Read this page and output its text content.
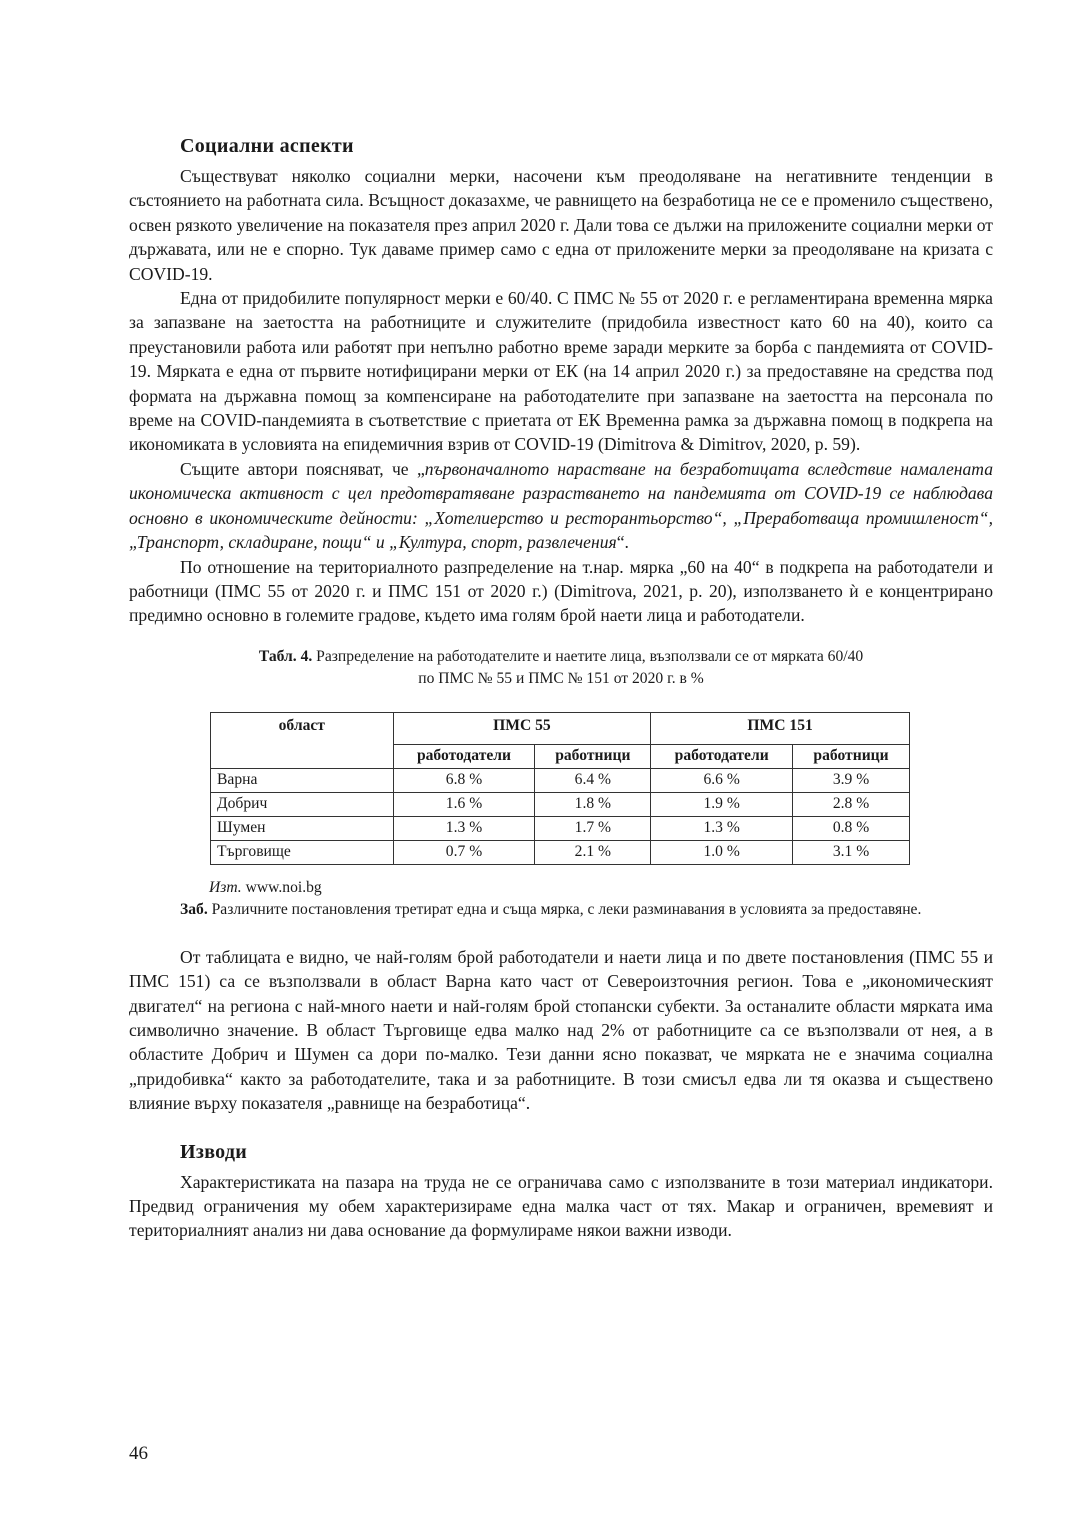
Социални аспекти

Съществуват няколко социални мерки, насочени към преодоляване на негативните тенденции в състоянието на работната сила. Всъщност доказахме, че равнището на безработица не се е променило съществено, освен рязкото увеличение на показателя през април 2020 г. Дали това се дължи на приложените социални мерки от държавата, или не е спорно. Тук даваме пример само с една от приложените мерки за преодоляване на кризата с COVID-19.

Една от придобилите популярност мерки е 60/40. С ПМС № 55 от 2020 г. е регламентирана временна мярка за запазване на заетостта на работниците и служителите (придобила известност като 60 на 40), които са преустановили работа или работят при непълно работно време заради мерките за борба с пандемията от COVID-19. Мярката е една от първите нотифицирани мерки от ЕК (на 14 април 2020 г.) за предоставяне на средства под формата на държавна помощ за компенсиране на работодателите при запазване на заетостта на персонала по време на COVID-пандемията в съответствие с приетата от ЕК Временна рамка за държавна помощ в подкрепа на икономиката в условията на епидемичния взрив от COVID-19 (Dimitrova & Dimitrov, 2020, p. 59).

Същите автори поясняват, че „първоначалното нарастване на безработицата вследствие намалената икономическа активност с цел предотвратяване разрастването на пандемията от COVID-19 се наблюдава основно в икономическите дейности: „Хотелиерство и ресторантьорство“, „Преработваща промишленост“, „Транспорт, складиране, пощи“ и „Култура, спорт, развлечения“.

По отношение на териториалното разпределение на т.нар. мярка „60 на 40“ в подкрепа на работодатели и работници (ПМС 55 от 2020 г. и ПМС 151 от 2020 г.) (Dimitrova, 2021, p. 20), използването ѝ е концентрирано предимно основно в големите градове, където има голям брой наети лица и работодатели.

Табл. 4. Разпределение на работодателите и наетите лица, възползвали се от мярката 60/40
по ПМС № 55 и ПМС № 151 от 2020 г. в %
област	ПМС 55		ПМС 151	
	работодатели	работници	работодатели	работници
Варна	6.8 %	6.4 %	6.6 %	3.9 %
Добрич	1.6 %	1.8 %	1.9 %	2.8 %
Шумен	1.3 %	1.7 %	1.3 %	0.8 %
Търговище	0.7 %	2.1 %	1.0 %	3.1 %
Изт. www.noi.bg

Заб. Различните постановления третират една и съща мярка, с леки разминавания в условията за предоставяне.

От таблицата е видно, че най-голям брой работодатели и наети лица и по двете постановления (ПМС 55 и ПМС 151) са се възползвали в област Варна като част от Североизточния регион. Това е „икономическият двигател“ на региона с най-много наети и най-голям брой стопански субекти. За останалите области мярката има символично значение. В област Търговище едва малко над 2% от работниците са се възползвали от нея, а в областите Добрич и Шумен са дори по-малко. Тези данни ясно показват, че мярката не е значима социална „придобивка“ както за работодателите, така и за работниците. В този смисъл едва ли тя оказва и съществено влияние върху показателя „равнище на безработица“.

Изводи

Характеристиката на пазара на труда не се ограничава само с използваните в този материал индикатори. Предвид ограничения му обем характеризираме една малка част от тях. Макар и ограничен, времевият и териториалният анализ ни дава основание да формулираме някои важни изводи.

46
